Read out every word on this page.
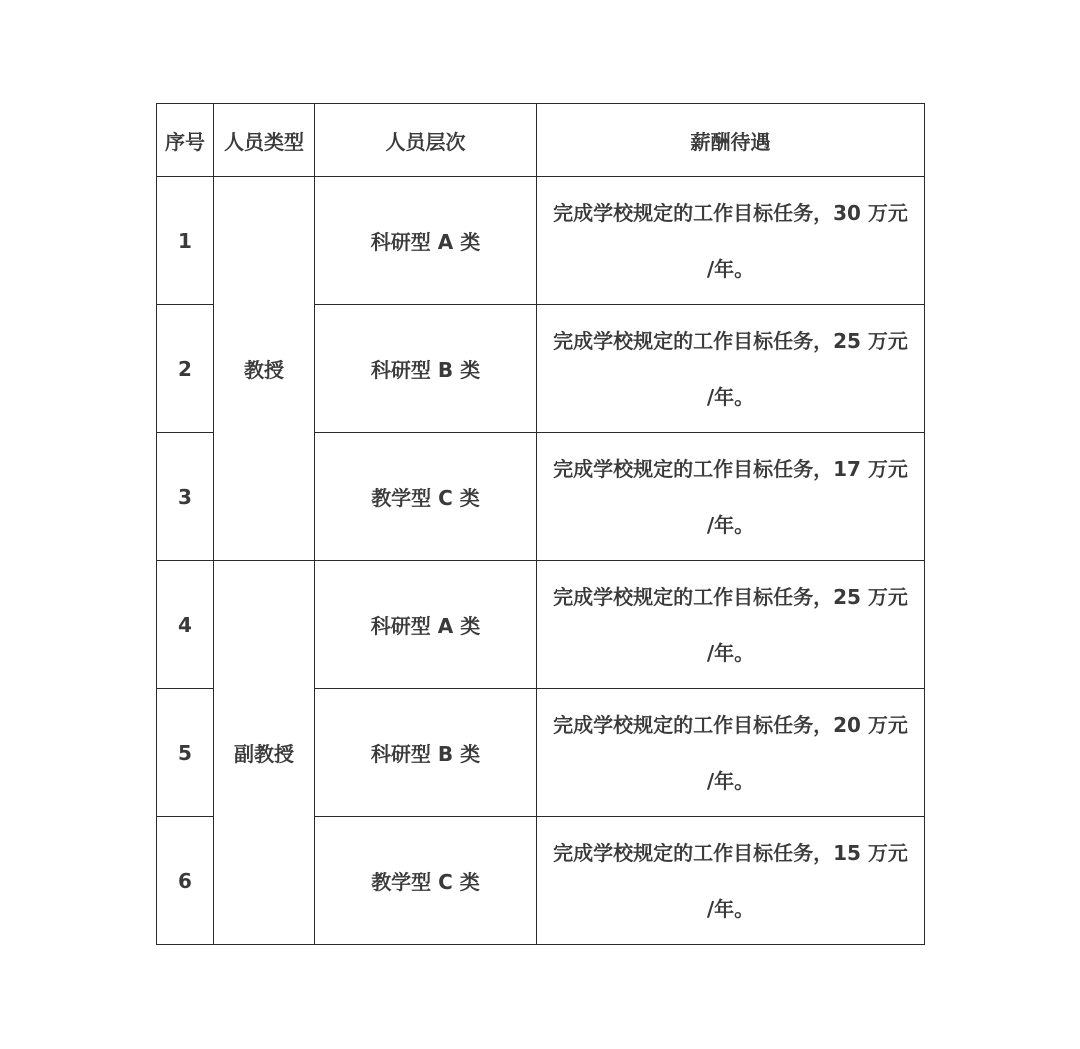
序号	人员类型	人员层次	薪酬待遇
1	教授	科研型 A 类	完成学校规定的工作目标任务，30 万元
/年。

2		科研型 B 类	完成学校规定的工作目标任务，25 万元
/年。

3		教学型 C 类	完成学校规定的工作目标任务，17 万元
/年。

4	副教授	科研型 A 类	完成学校规定的工作目标任务，25 万元
/年。

5		科研型 B 类	完成学校规定的工作目标任务，20 万元
/年。

6		教学型 C 类	完成学校规定的工作目标任务，15 万元
/年。
